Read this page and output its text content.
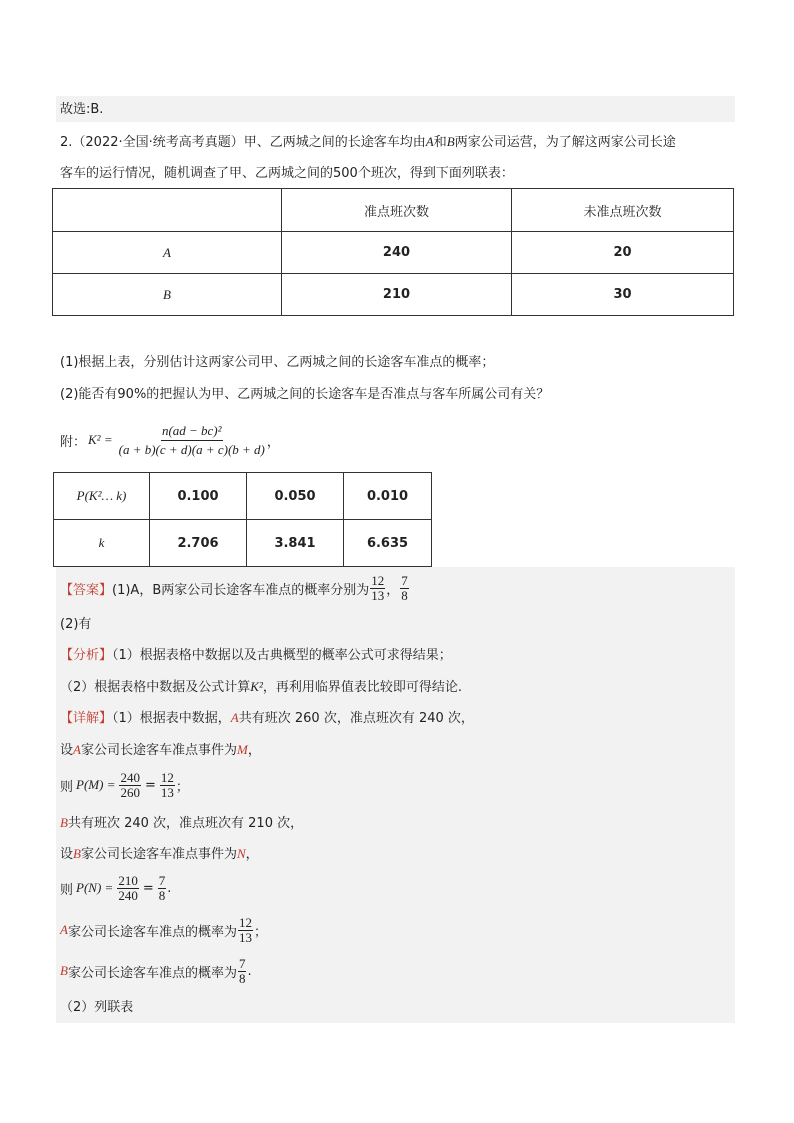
故选:B.
2.（2022·全国·统考高考真题）甲、乙两城之间的长途客车均由A和B两家公司运营，为了解这两家公司长途
客车的运行情况，随机调查了甲、乙两城之间的500个班次，得到下面列联表：
	准点班次数	未准点班次数
A	240	20
B	210	30
(1)根据上表，分别估计这两家公司甲、乙两城之间的长途客车准点的概率；
(2)能否有90%的把握认为甲、乙两城之间的长途客车是否准点与客车所属公司有关？
附： $K^2 = \frac{\text{n(ad − bc)²}}{(a + b)(c + d)(a + c)(b + d)}$ ，
P(K²… k)	0.100	0.050	0.010
k	2.706	3.841	6.635
【答案】 (1)A，B两家公司长途客车准点的概率分别为 $\frac{12}{13}$ ， $\frac{7}{8}$
(2)有
【分析】（1）根据表格中数据以及古典概型的概率公式可求得结果；
（2）根据表格中数据及公式计算K²，再利用临界值表比较即可得结论.
【详解】（1）根据表中数据，A共有班次 260 次，准点班次有 240 次，
设A家公司长途客车准点事件为M，
则 $P(M) = \frac{240}{260} = \frac{12}{13}$ ；
B共有班次 240 次，准点班次有 210 次，
设B家公司长途客车准点事件为N，
则 $P(N) = \frac{210}{240} = \frac{7}{8}$ .
A 家公司长途客车准点的概率为 $\frac{12}{13}$ ；
B 家公司长途客车准点的概率为 $\frac{7}{8}$ .
（2）列联表
